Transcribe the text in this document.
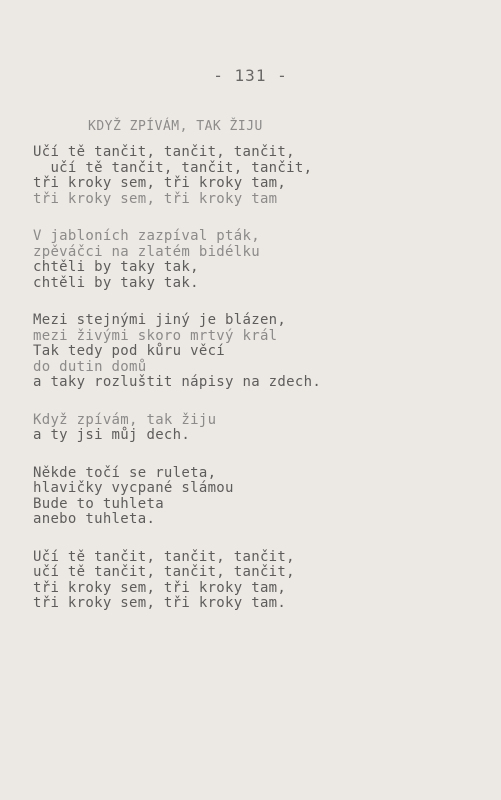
- 131 -
KDYŽ ZPÍVÁM, TAK ŽIJU
Učí tě tančit, tančit, tančit,
učí tě tančit, tančit, tančit,
tři kroky sem, tři kroky tam,
tři kroky sem, tři kroky tam
V jabloních zazpíval pták,
zpěváčci na zlatém bidélku
chtěli by taky tak,
chtěli by taky tak.
Mezi stejnými jiný je blázen,
mezi živými skoro mrtvý král
Tak tedy pod kůru věcí
do dutin domů
a taky rozluštit nápisy na zdech.
Když zpívám, tak žiju
a ty jsi můj dech.
Někde točí se ruleta,
hlavičky vycpané slámou
Bude to tuhleta
anebo tuhleta.
Učí tě tančit, tančit, tančit,
učí tě tančit, tančit, tančit,
tři kroky sem, tři kroky tam,
tři kroky sem, tři kroky tam.
